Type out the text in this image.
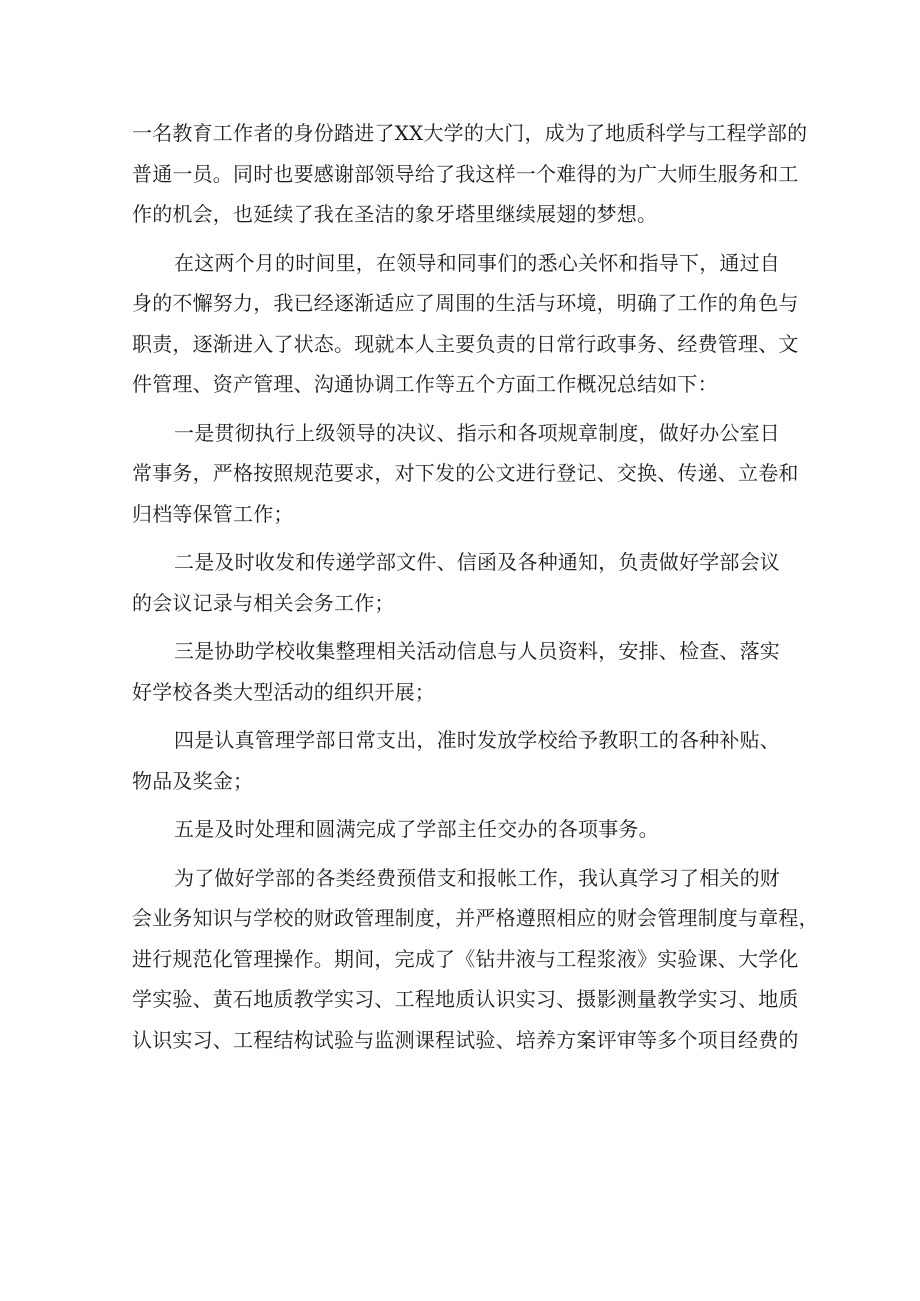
一名教育工作者的身份踏进了XX大学的大门，成为了地质科学与工程学部的
普通一员。同时也要感谢部领导给了我这样一个难得的为广大师生服务和工
作的机会，也延续了我在圣洁的象牙塔里继续展翅的梦想。

在这两个月的时间里，在领导和同事们的悉心关怀和指导下，通过自
身的不懈努力，我已经逐渐适应了周围的生活与环境，明确了工作的角色与
职责，逐渐进入了状态。现就本人主要负责的日常行政事务、经费管理、文
件管理、资产管理、沟通协调工作等五个方面工作概况总结如下：

一是贯彻执行上级领导的决议、指示和各项规章制度，做好办公室日
常事务，严格按照规范要求，对下发的公文进行登记、交换、传递、立卷和
归档等保管工作；

二是及时收发和传递学部文件、信函及各种通知，负责做好学部会议
的会议记录与相关会务工作；

三是协助学校收集整理相关活动信息与人员资料，安排、检查、落实
好学校各类大型活动的组织开展；

四是认真管理学部日常支出，准时发放学校给予教职工的各种补贴、
物品及奖金；

五是及时处理和圆满完成了学部主任交办的各项事务。

为了做好学部的各类经费预借支和报帐工作，我认真学习了相关的财
会业务知识与学校的财政管理制度，并严格遵照相应的财会管理制度与章程，
进行规范化管理操作。期间，完成了《钻井液与工程浆液》实验课、大学化
学实验、黄石地质教学实习、工程地质认识实习、摄影测量教学实习、地质
认识实习、工程结构试验与监测课程试验、培养方案评审等多个项目经费的
